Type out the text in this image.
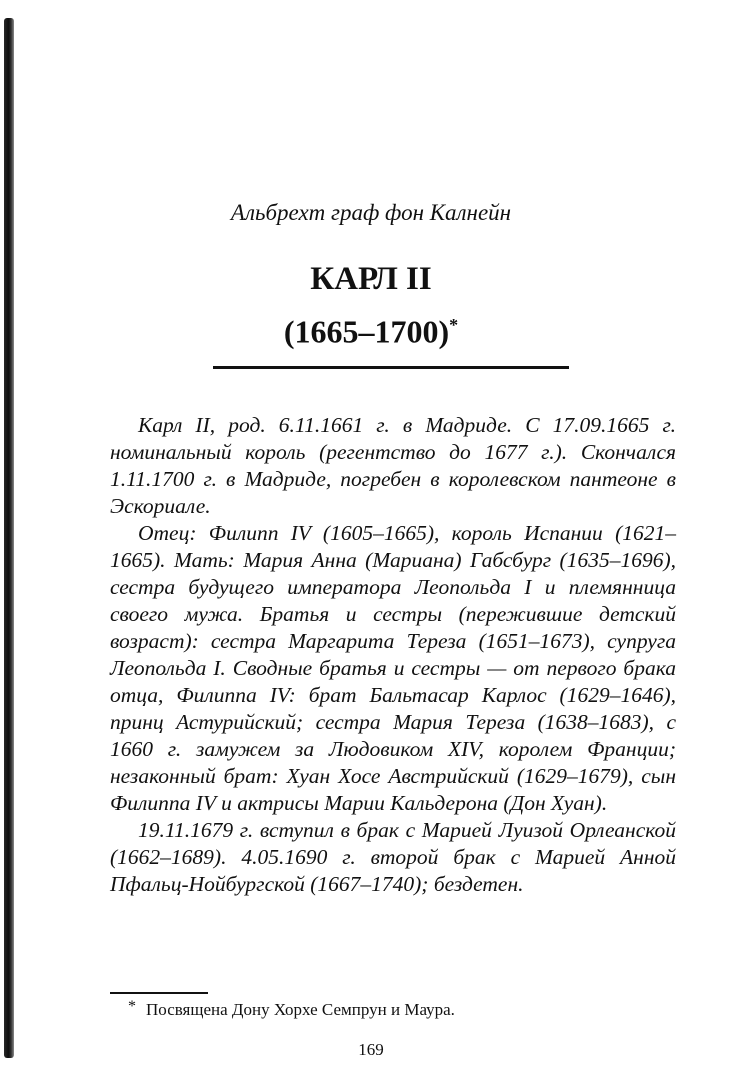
Альбрехт граф фон Калнейн
КАРЛ II
(1665–1700)*

Карл II, род. 6.11.1661 г. в Мадриде. С 17.09.1665 г. номинальный король (регентство до 1677 г.). Скончался 1.11.1700 г. в Мадриде, погребен в королевском пантеоне в Эскориале.

Отец: Филипп IV (1605–1665), король Испании (1621–1665). Мать: Мария Анна (Мариана) Габсбург (1635–1696), сестра будущего императора Леопольда I и племянница своего мужа. Братья и сестры (пережившие детский возраст): сестра Маргарита Тереза (1651–1673), супруга Леопольда I. Сводные братья и сестры — от первого брака отца, Филиппа IV: брат Бальтасар Карлос (1629–1646), принц Астурийский; сестра Мария Тереза (1638–1683), с 1660 г. замужем за Людовиком XIV, королем Франции; незаконный брат: Хуан Хосе Австрийский (1629–1679), сын Филиппа IV и актрисы Марии Кальдерона (Дон Хуан).

19.11.1679 г. вступил в брак с Марией Луизой Орлеанской (1662–1689). 4.05.1690 г. второй брак с Марией Анной Пфальц-Нойбургской (1667–1740); бездетен.

* Посвящена Дону Хорхе Семпрун и Маура.
169
